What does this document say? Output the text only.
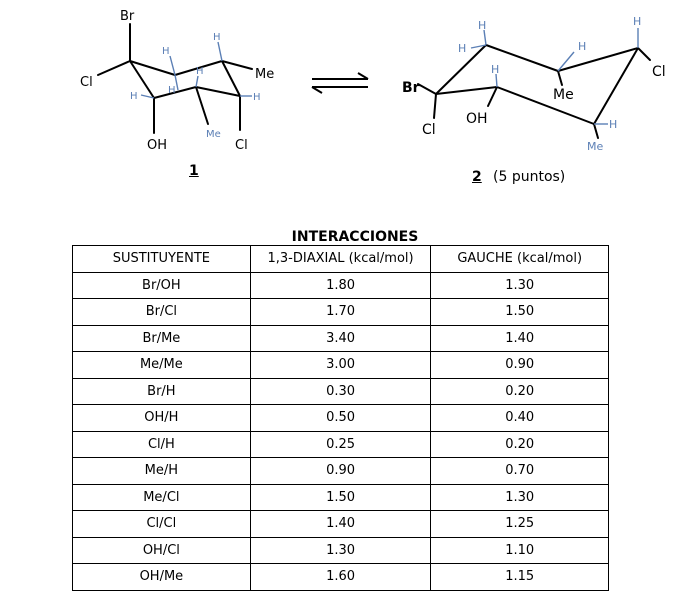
Br
Cl
Me
OH	Cl
H
H
H
H
H	H
Me
Br
Cl
OH
Me
Cl
H
H
H
H
H
H
Me
1	2 (5 puntos)
INTERACCIONES
SUSTITUYENTE	1,3-DIAXIAL (kcal/mol)	GAUCHE (kcal/mol)
Br/OH	1.80	1.30
Br/Cl	1.70	1.50
Br/Me	3.40	1.40
Me/Me	3.00	0.90
Br/H	0.30	0.20
OH/H	0.50	0.40
Cl/H	0.25	0.20
Me/H	0.90	0.70
Me/Cl	1.50	1.30
Cl/Cl	1.40	1.25
OH/Cl	1.30	1.10
OH/Me	1.60	1.15
